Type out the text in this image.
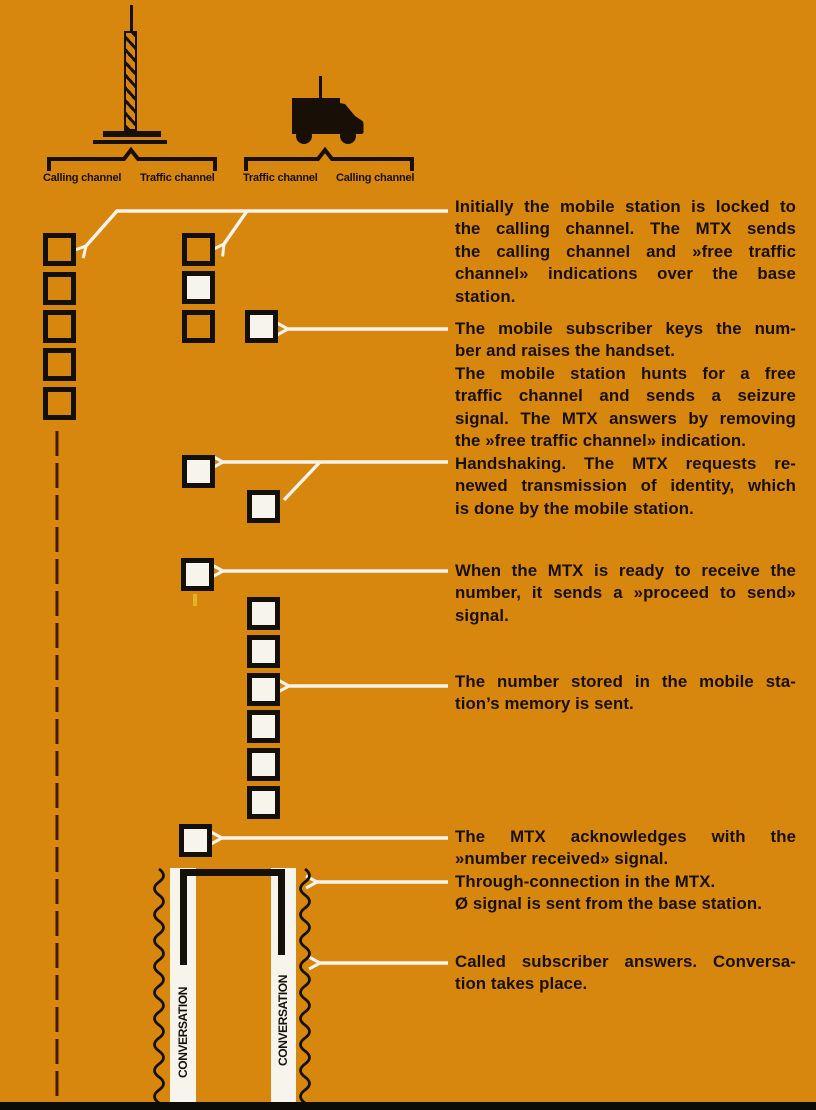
Calling channel Traffic channel	Traffic channel Calling channel
Initially the mobile station is locked to
the calling channel. The MTX sends
the calling channel and »free traffic
channel» indications over the base
station.
The mobile subscriber keys the num-
ber and raises the handset.
The mobile station hunts for a free
traffic channel and sends a seizure
signal. The MTX answers by removing
the »free traffic channel» indication.
Handshaking. The MTX requests re-
newed transmission of identity, which
is done by the mobile station.
When the MTX is ready to receive the
number, it sends a »proceed to send»
signal.
The number stored in the mobile sta-
tion’s memory is sent.
The MTX acknowledges with the
»number received» signal.
Through-connection in the MTX.
Ø signal is sent from the base station.
Called subscriber answers. Conversa-
tion takes place.
CONVERSATION	CONVERSATION
